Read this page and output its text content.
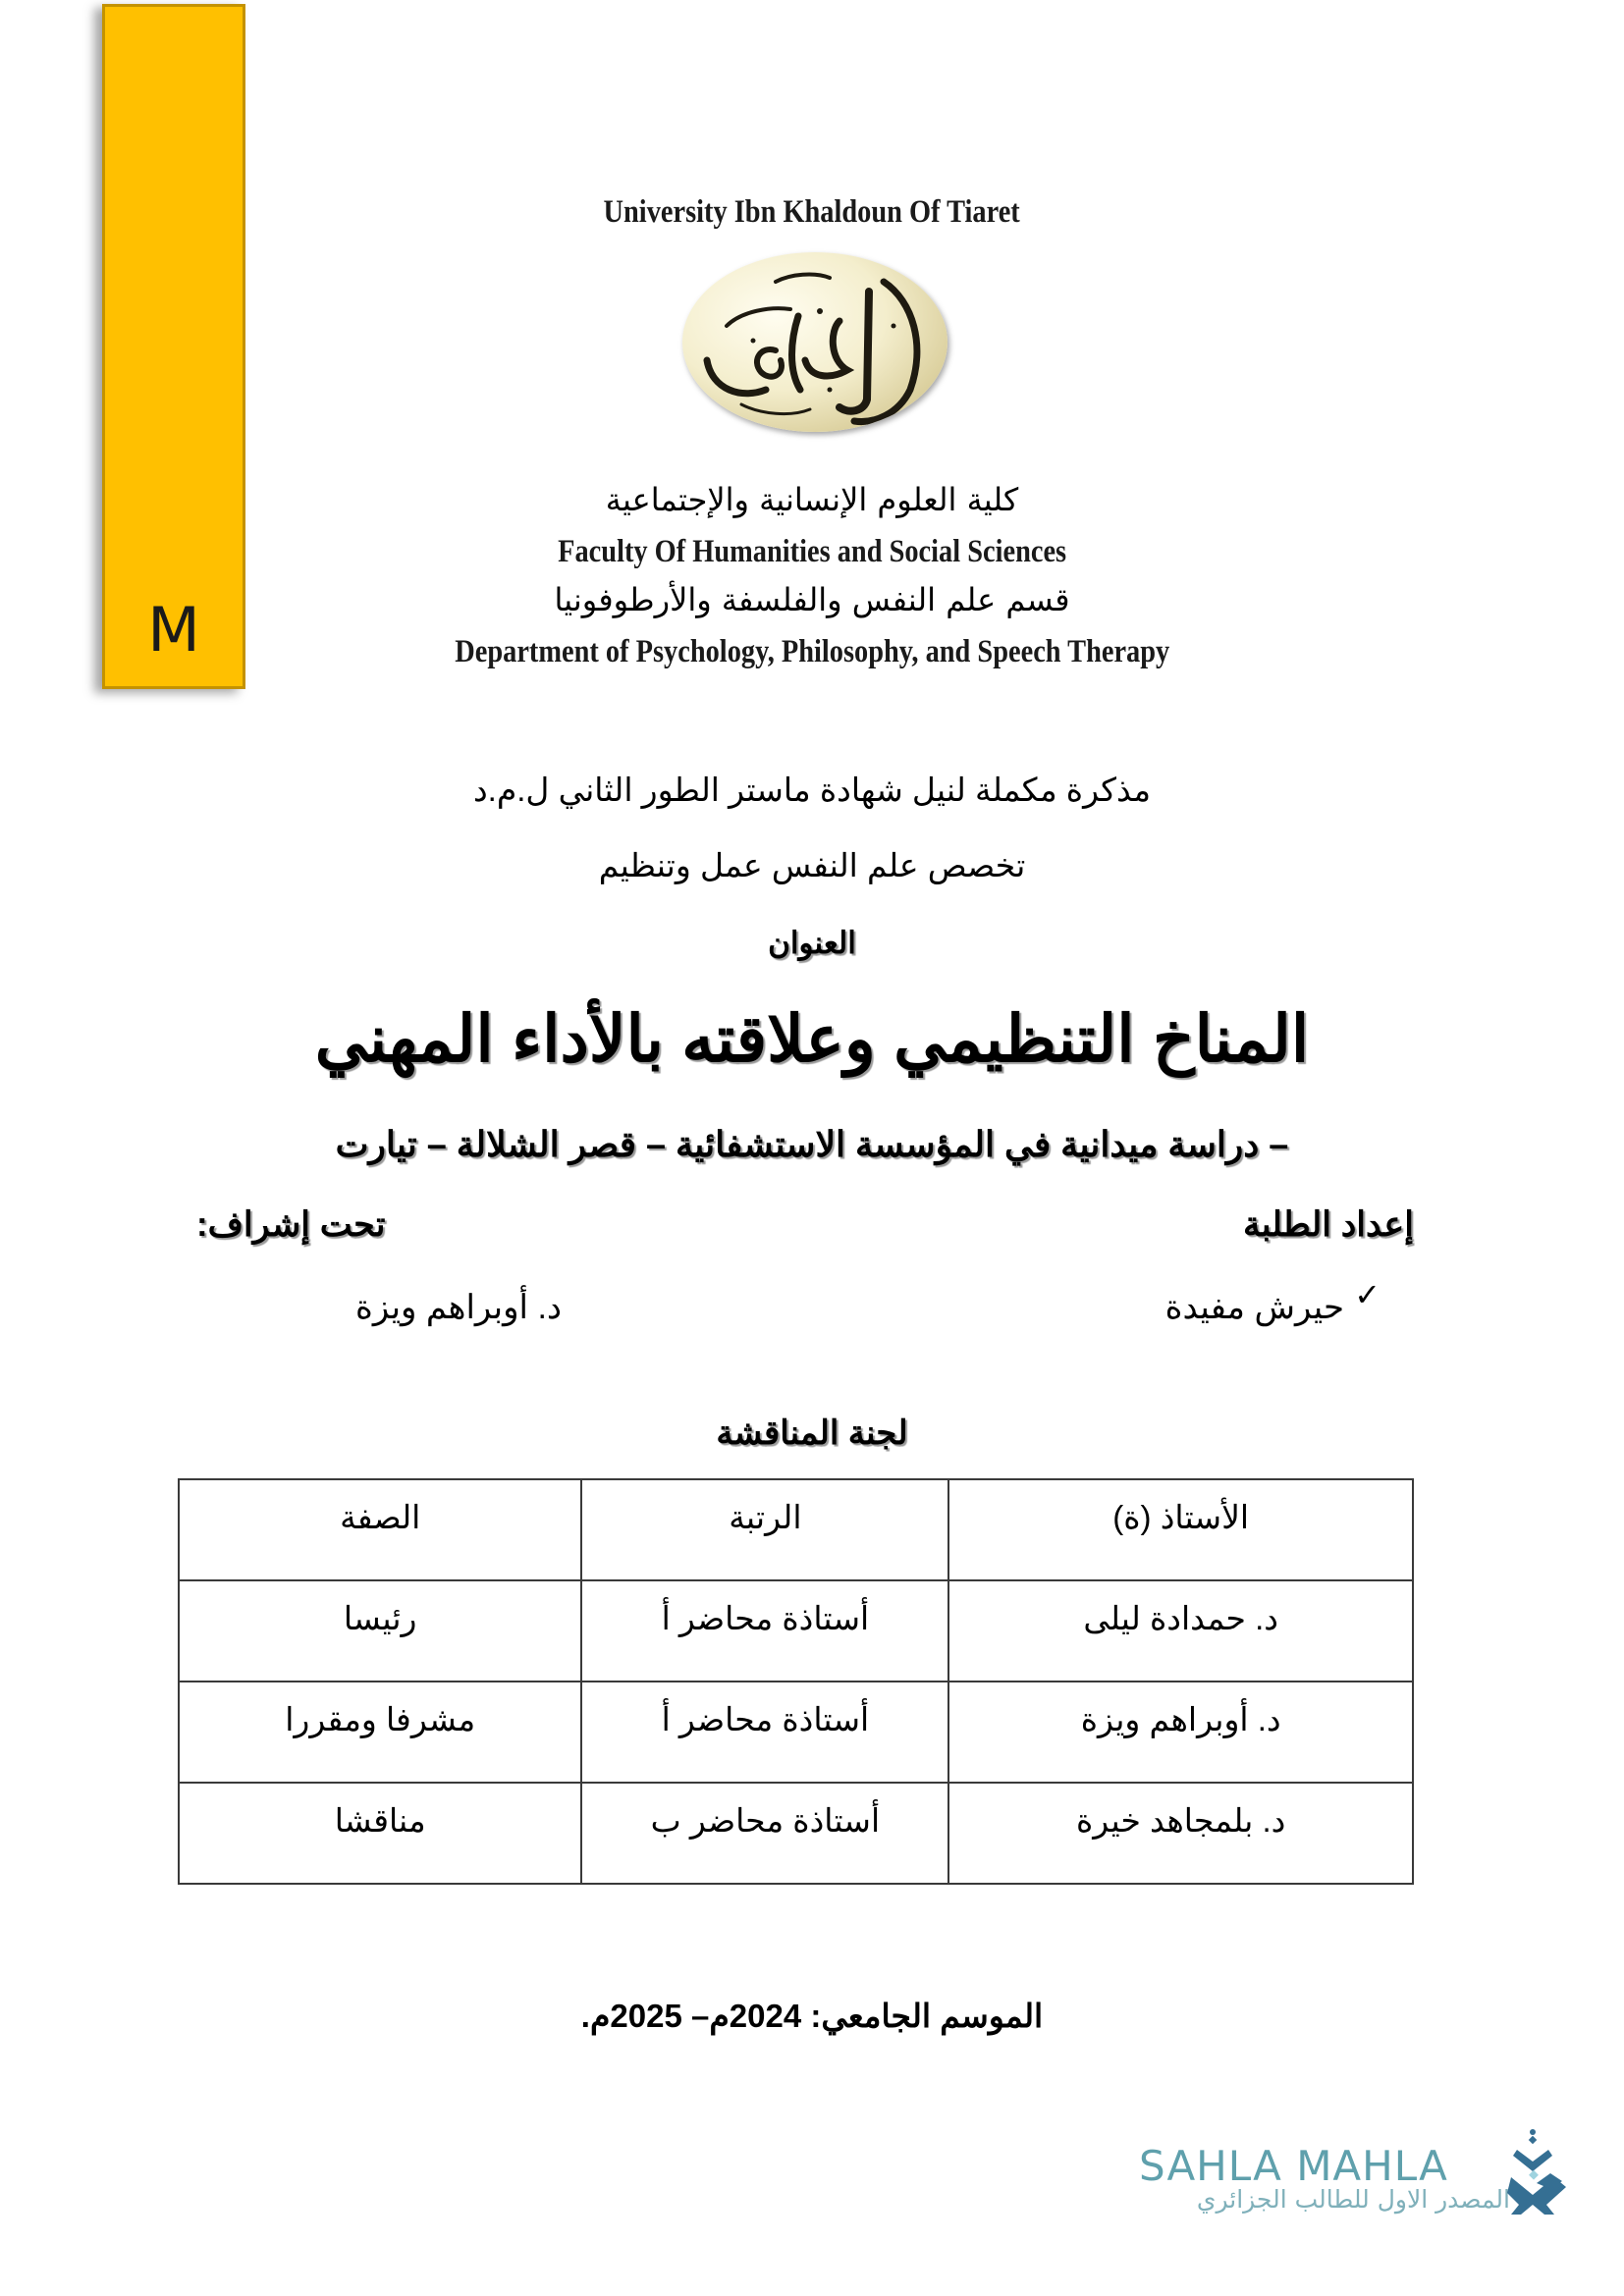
M
University Ibn Khaldoun Of Tiaret
كلية العلوم الإنسانية والإجتماعية
Faculty Of Humanities and Social Sciences
قسم علم النفس والفلسفة والأرطوفونيا
Department of Psychology, Philosophy, and Speech Therapy
مذكرة مكملة لنيل شهادة ماستر الطور الثاني ل.م.د
تخصص علم النفس عمل وتنظيم
العنوان
المناخ التنظيمي وعلاقته بالأداء المهني
– دراسة ميدانية في المؤسسة الاستشفائية – قصر الشلالة – تيارت
إعداد الطلبة
تحت إشراف:
✓
حيرش مفيدة
د. أوبراهم ويزة
لجنة المناقشة
الأستاذ (ة)	الرتبة	الصفة
د. حمدادة ليلى	أستاذة محاضر أ	رئيسا
د. أوبراهم ويزة	أستاذة محاضر أ	مشرفا ومقررا
د. بلمجاهد خيرة	أستاذة محاضر ب	مناقشا
الموسم الجامعي: 2024م– 2025م.
SAHLA MAHLA
المصدر الاول للطالب الجزائري
